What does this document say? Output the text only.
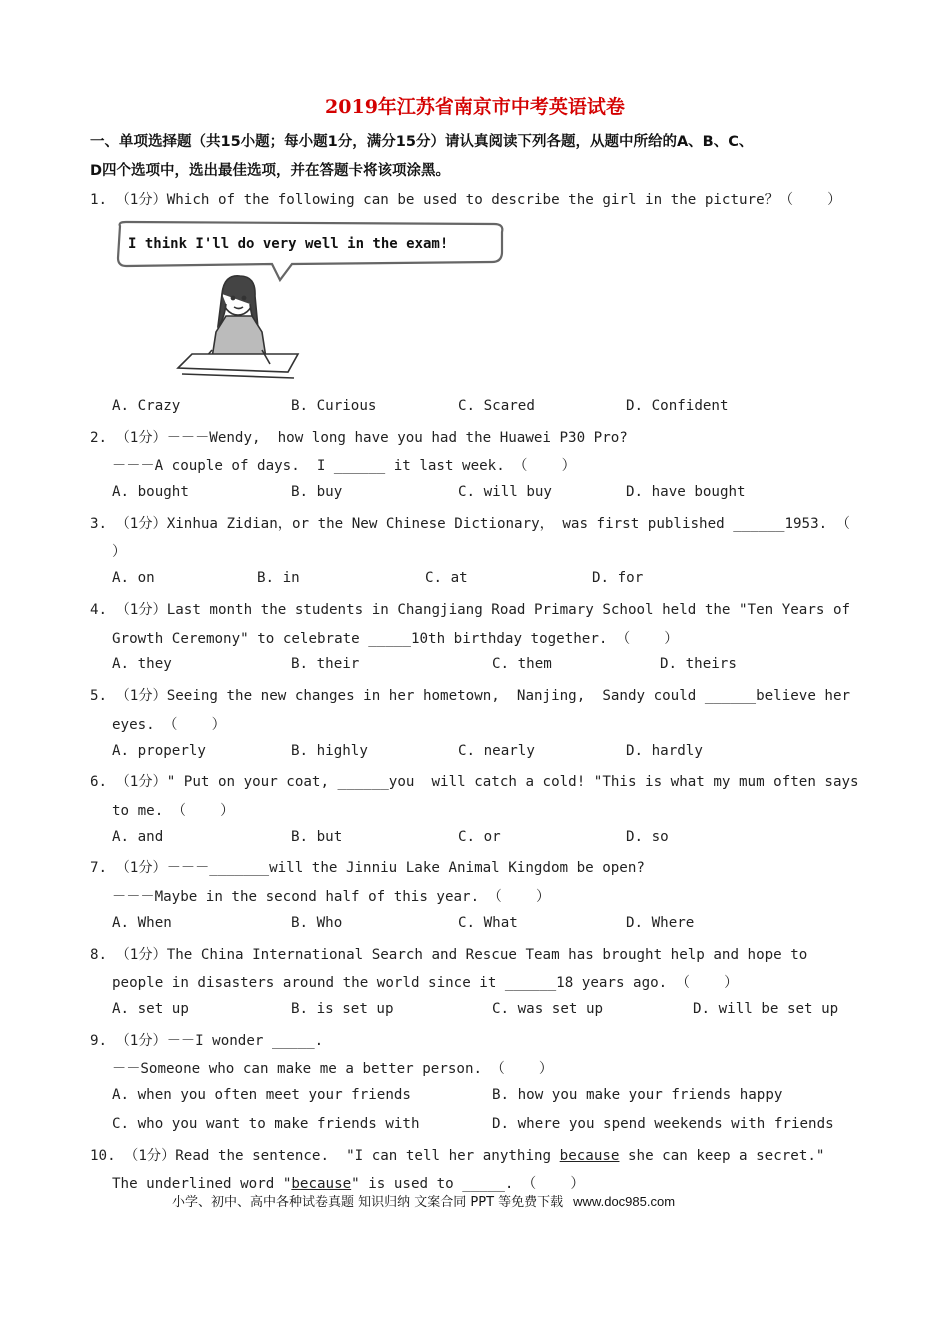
2019年江苏省南京市中考英语试卷
一、单项选择题（共15小题；每小题1分，满分15分）请认真阅读下列各题，从题中所给的A、B、C、
D四个选项中，选出最佳选项，并在答题卡将该项涂黑。
1. （1分）Which of the following can be used to describe the girl in the picture？（    ）
I think I'll do very well in the exam!
A. Crazy	B. Curious	C. Scared	D. Confident
2. （1分）－－－Wendy,  how long have you had the Huawei P30 Pro?
－－－A couple of days.  I ______ it last week. （    ）
A. bought	B. buy	C. will buy	D. have bought
3. （1分）Xinhua Zidian，or the New Chinese Dictionary， was first published ______1953. （
）
A. on	B. in	C. at	D. for
4. （1分）Last month the students in Changjiang Road Primary School held the "Ten Years of
Growth Ceremony" to celebrate _____10th birthday together. （    ）
A. they	B. their	C. them	D. theirs
5. （1分）Seeing the new changes in her hometown,  Nanjing,  Sandy could ______believe her
eyes. （    ）
A. properly	B. highly	C. nearly	D. hardly
6. （1分）" Put on your coat, ______you  will catch a cold! "This is what my mum often says
to me. （    ）
A. and	B. but	C. or	D. so
7. （1分）－－－_______will the Jinniu Lake Animal Kingdom be open?
－－－Maybe in the second half of this year. （    ）
A. When	B. Who	C. What	D. Where
8. （1分）The China International Search and Rescue Team has brought help and hope to
people in disasters around the world since it ______18 years ago. （    ）
A. set up	B. is set up	C. was set up	D. will be set up
9. （1分）－－I wonder _____.
－－Someone who can make me a better person. （    ）
A. when you often meet your friends	B. how you make your friends happy
C. who you want to make friends with	D. where you spend weekends with friends
10. （1分）Read the sentence.  "I can tell her anything because she can keep a secret."
The underlined word "because" is used to _____. （    ）
小学、初中、高中各种试卷真题 知识归纳 文案合同 PPT 等免费下载 www.doc985.com
